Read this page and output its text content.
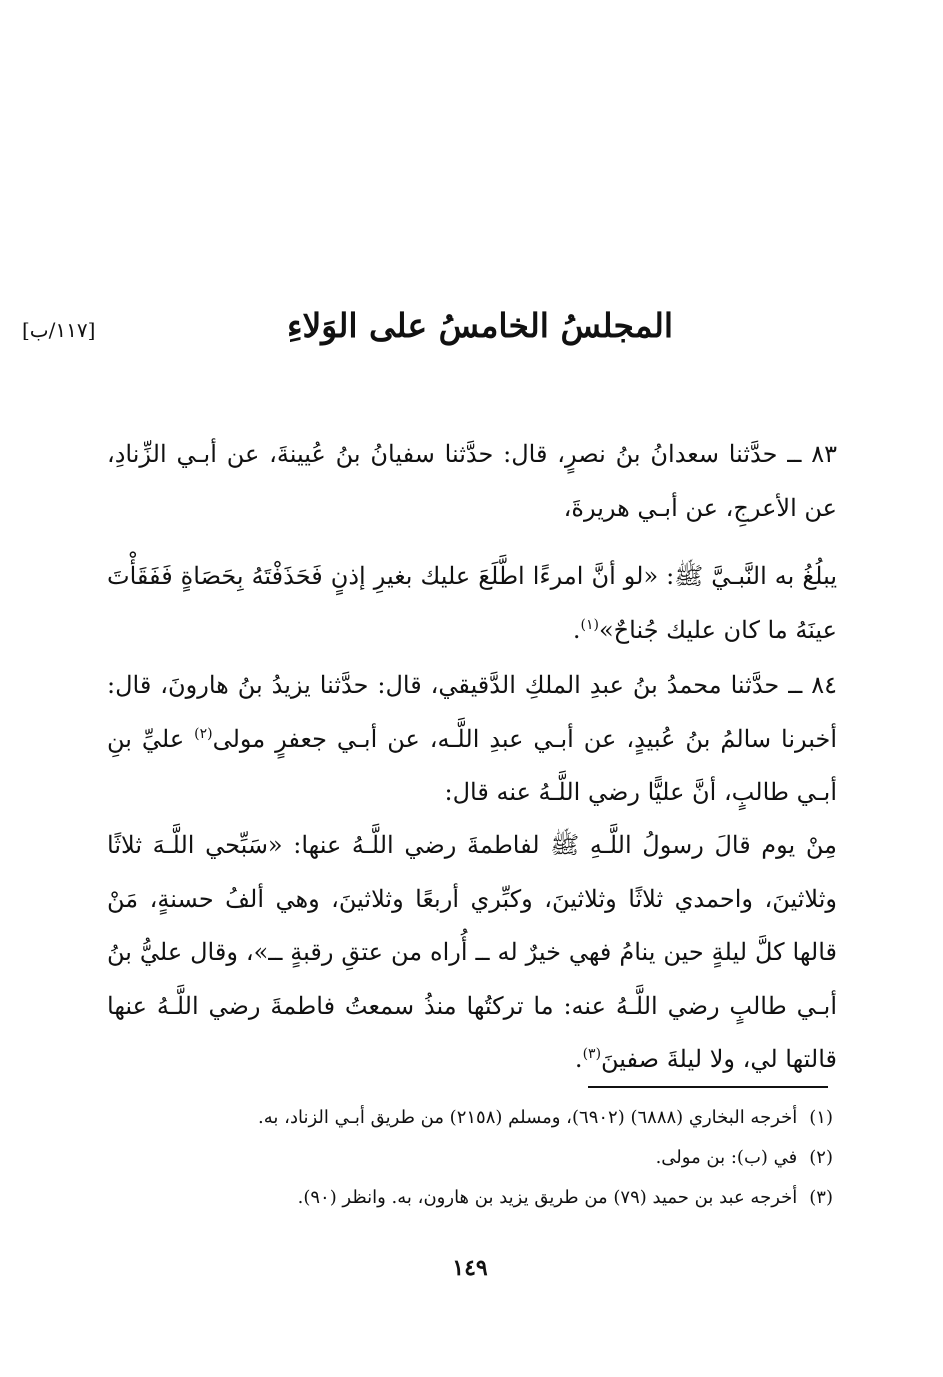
[١١٧/ب]	المجلسُ الخامسُ على الوَلاءِ

٨٣ ــ حدَّثنا سعدانُ بنُ نصرٍ، قال: حدَّثنا سفيانُ بنُ عُيينةَ، عن أبـي الزِّنادِ، عن الأعرجِ، عن أبـي هريرةَ،

يبلُغُ به النَّبـيَّ ﷺ: «لو أنَّ امرءًا اطَّلَعَ عليك بغيرِ إذنٍ فَحَذَفْتَهُ بِحَصَاةٍ فَفَقَأْتَ عينَهُ ما كان عليك جُناحٌ»$^{(١)}$.

٨٤ ــ حدَّثنا محمدُ بنُ عبدِ الملكِ الدَّقيقي، قال: حدَّثنا يزيدُ بنُ هارونَ، قال: أخبرنا سالمُ بنُ عُبيدٍ، عن أبـي عبدِ اللَّـه، عن أبـي جعفرٍ مولى$^{(٢)}$ عليِّ بنِ أبـي طالبٍ، أنَّ عليًّا رضي اللَّـهُ عنه قال:

مِنْ يوم قالَ رسولُ اللَّـهِ ﷺ لفاطمةَ رضي اللَّـهُ عنها: «سَبِّحي اللَّـهَ ثلاثًا وثلاثينَ، واحمدي ثلاثًا وثلاثينَ، وكبِّري أربعًا وثلاثينَ، وهي ألفُ حسنةٍ، مَنْ قالها كلَّ ليلةٍ حين ينامُ فهي خيرٌ له ــ أُراه من عتقِ رقبةٍ ــ»، وقال عليُّ بنُ أبـي طالبٍ رضي اللَّـهُ عنه: ما تركتُها منذُ سمعتُ فاطمةَ رضي اللَّـهُ عنها قالتها لي، ولا ليلةَ صفينَ$^{(٣)}$.

(١)أخرجه البخاري (٦٨٨٨) (٦٩٠٢)، ومسلم (٢١٥٨) من طريق أبـي الزناد، به.

(٢)في (ب): بن مولى.

(٣)أخرجه عبد بن حميد (٧٩) من طريق يزيد بن هارون، به. وانظر (٩٠).

١٤٩
